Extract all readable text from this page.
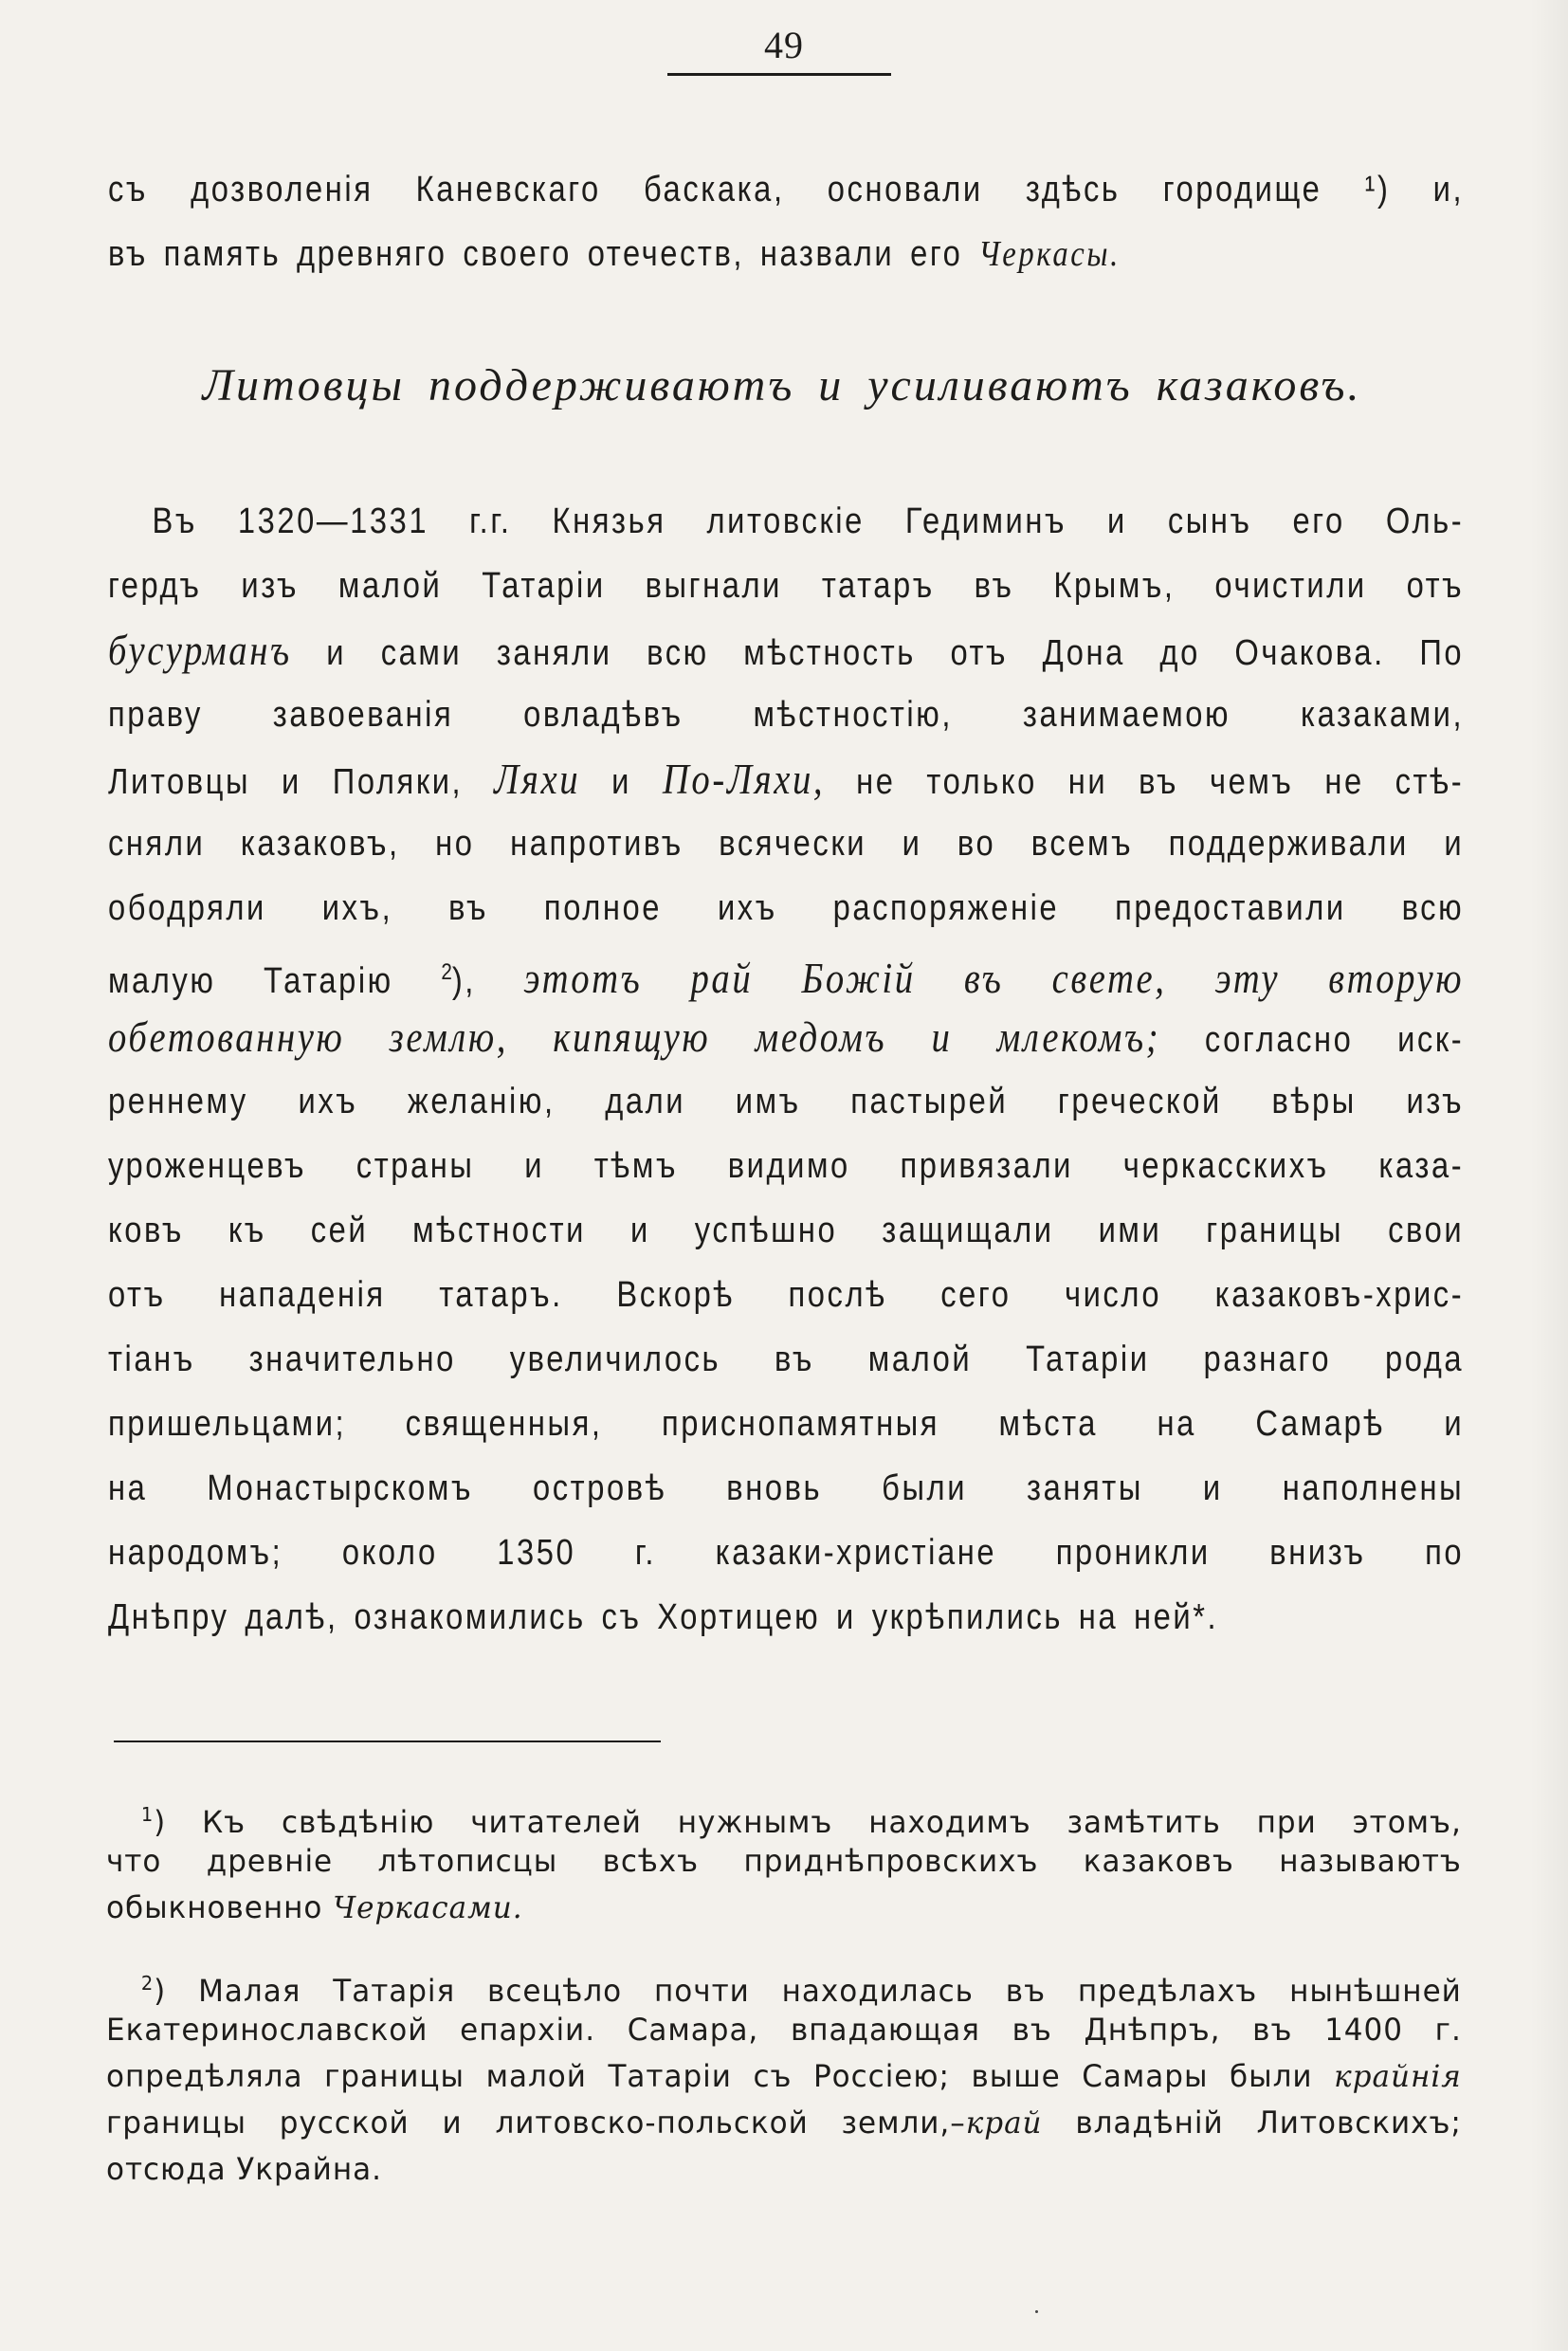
49
съ дозволенія Каневскаго баскака, основали здѣсь городище ¹) и,
въ память древняго своего отечеств, назвали его Черкасы.
Литовцы поддерживаютъ и усиливаютъ казаковъ.
Въ 1320—1331 г.г. Князья литовскіе Гедиминъ и сынъ его Оль-
гердъ изъ малой Татаріи выгнали татаръ въ Крымъ, очистили отъ
бусурманъ и сами заняли всю мѣстность отъ Дона до Очакова. По
праву завоеванія овладѣвъ мѣстностію, занимаемою казаками,
Литовцы и Поляки, Ляхи и По-Ляхи, не только ни въ чемъ не стѣ-
сняли казаковъ, но напротивъ всячески и во всемъ поддерживали и
ободряли ихъ, въ полное ихъ распоряженіе предоставили всю
малую Татарію $^2$), этотъ рай Божій въ свете, эту вторую
обетованную землю, кипящую медомъ и млекомъ; согласно иск-
реннему ихъ желанію, дали имъ пастырей греческой вѣры изъ
уроженцевъ страны и тѣмъ видимо привязали черкасскихъ каза-
ковъ къ сей мѣстности и успѣшно защищали ими границы свои
отъ нападенія татаръ. Вскорѣ послѣ сего число казаковъ-хрис-
тіанъ значительно увеличилось въ малой Татаріи разнаго рода
пришельцами; священныя, приснопамятныя мѣста на Самарѣ и
на Монастырскомъ островѣ вновь были заняты и наполнены
народомъ; около 1350 г. казаки-христіане проникли внизъ по
Днѣпру далѣ, ознакомились съ Хортицею и укрѣпились на ней*.
$^1$) Къ свѣдѣнію читателей нужнымъ находимъ замѣтить при этомъ,
что древніе лѣтописцы всѣхъ приднѣпровскихъ казаковъ называютъ
обыкновенно Черкасами.
$^2$) Малая Татарія всецѣло почти находилась въ предѣлахъ нынѣшней
Екатеринославской епархіи. Самара, впадающая въ Днѣпръ, въ 1400 г.
опредѣляла границы малой Татаріи съ Россіею; выше Самары были крайнія
границы русской и литовско-польской земли,–край владѣній Литовскихъ;
отсюда Украйна.
